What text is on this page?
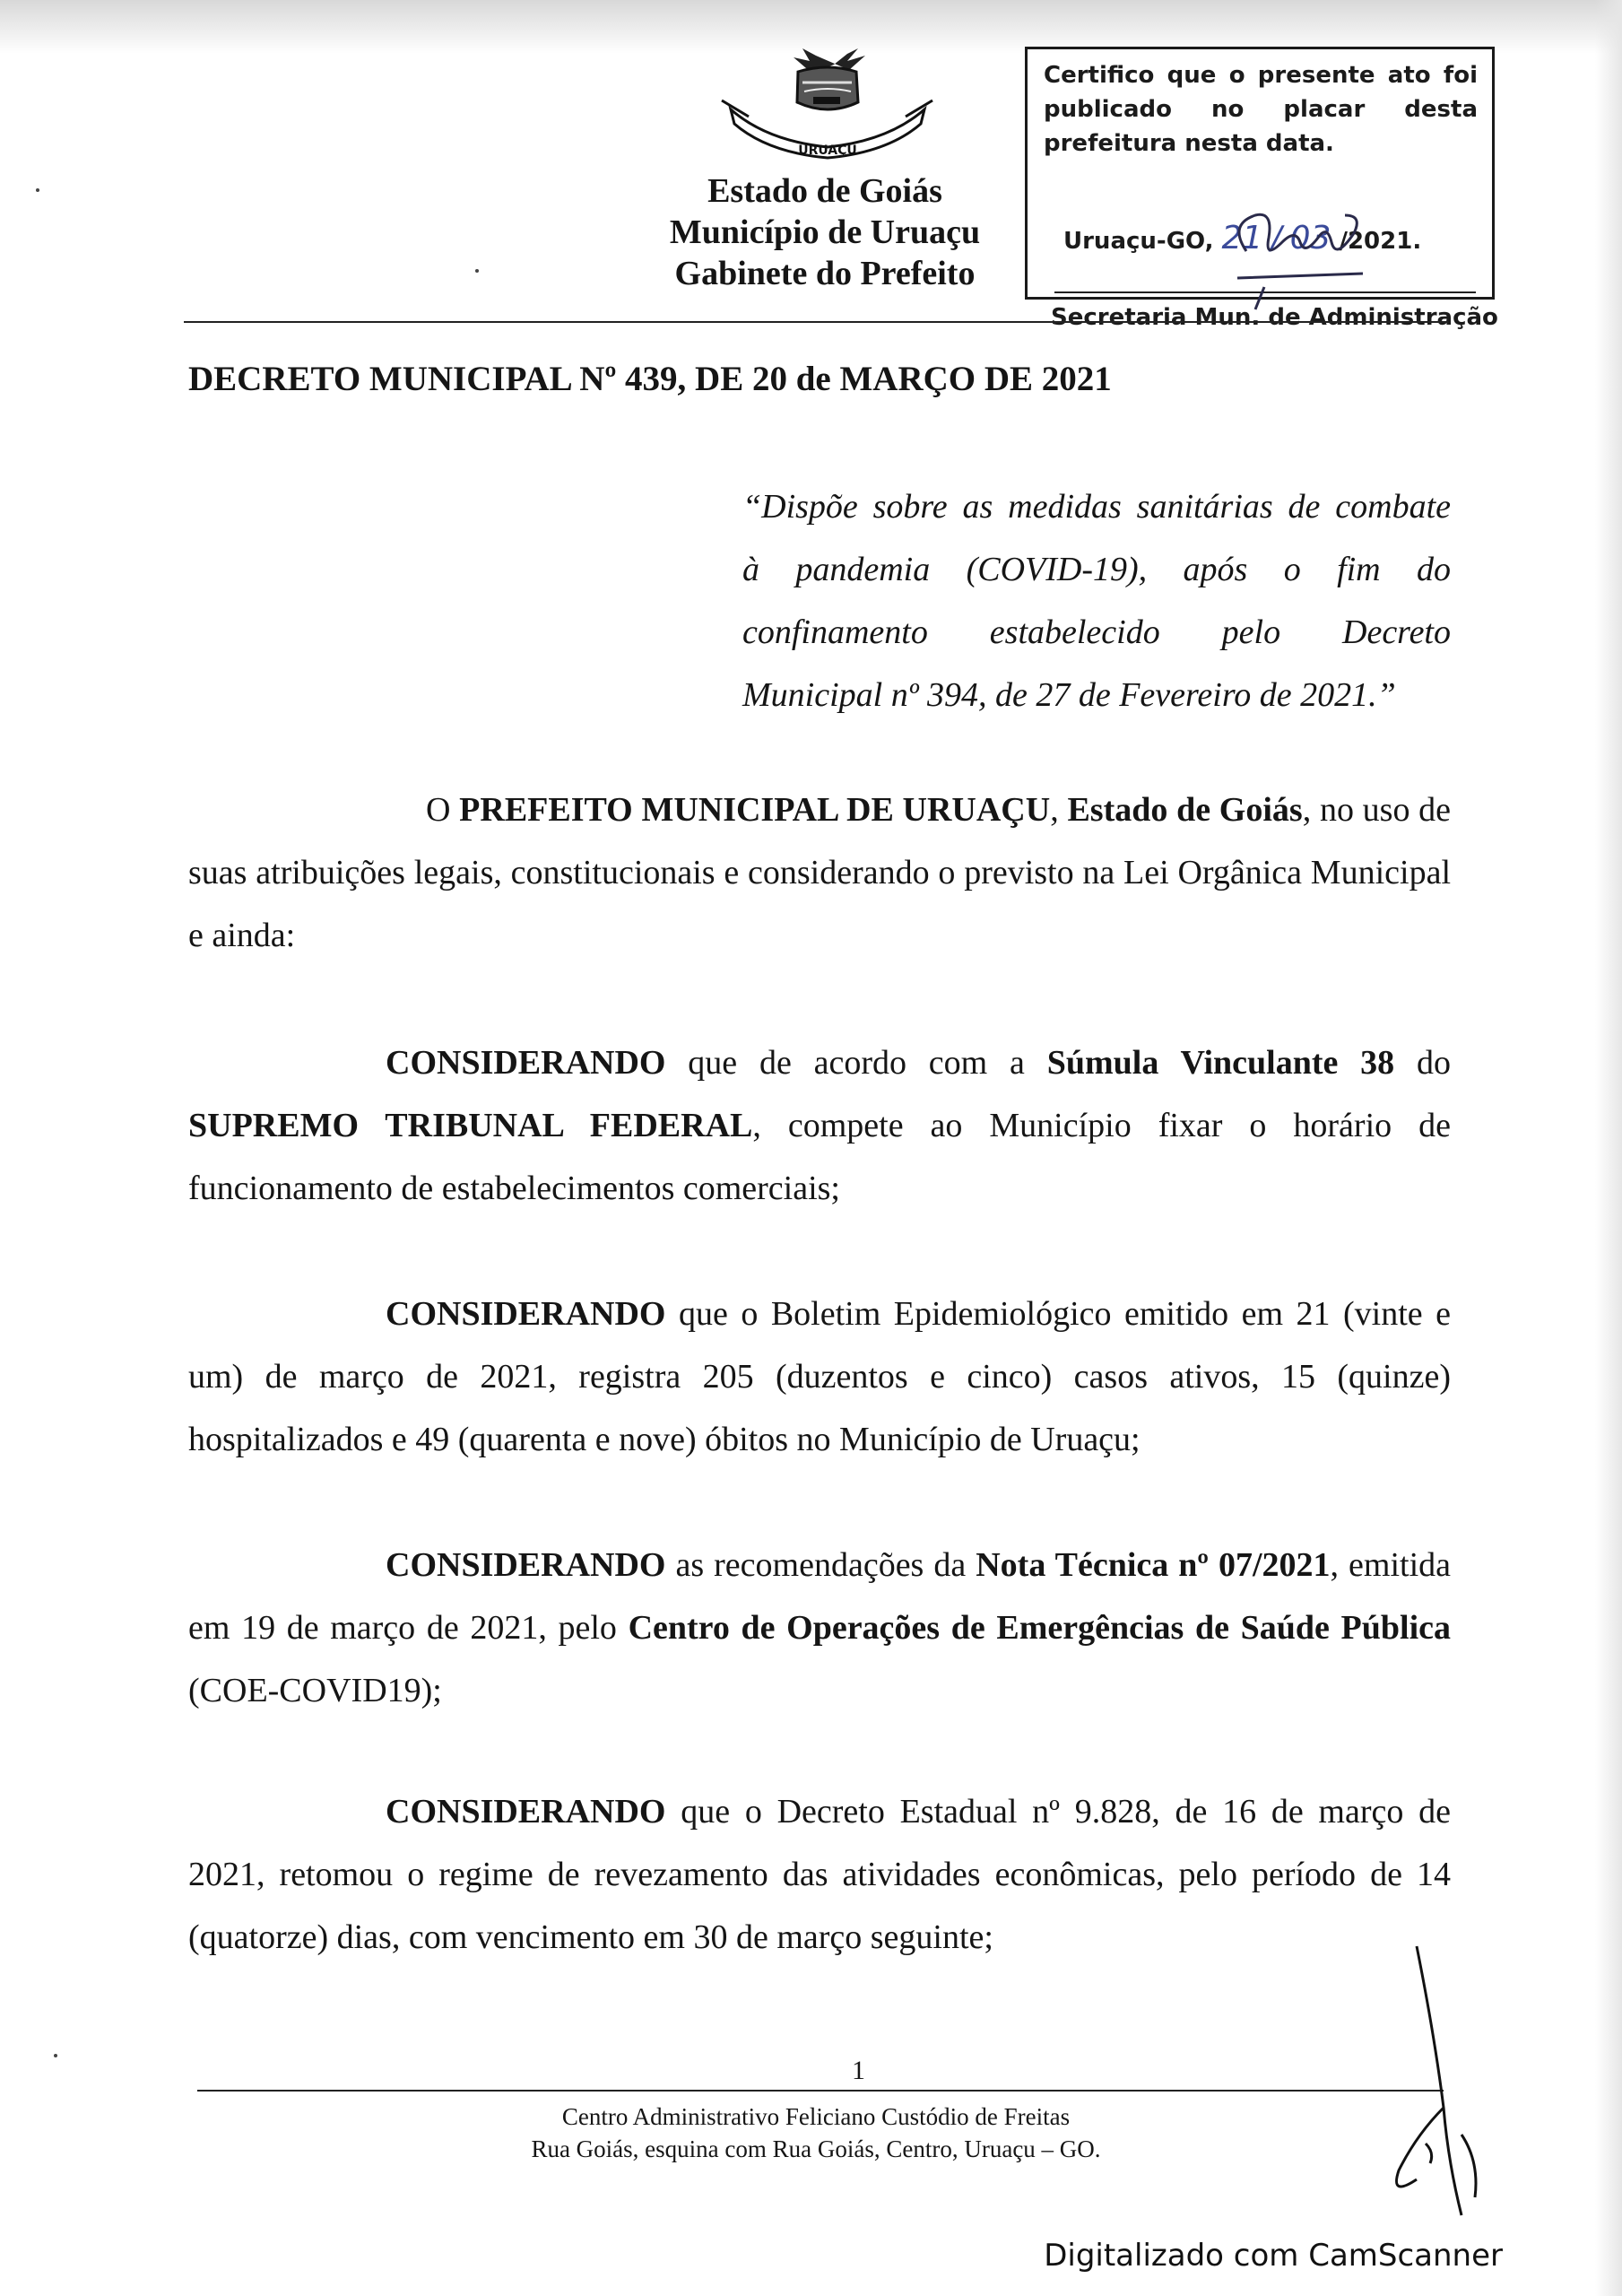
URUAÇU
Estado de Goiás
Município de Uruaçu
Gabinete do Prefeito
Certifico que o presente ato foi
publicado no placar desta
prefeitura nesta data.
Uruaçu-GO, 21 / 03 /2021.
Secretaria Mun. de Administração
DECRETO MUNICIPAL Nº 439, DE 20 de MARÇO DE 2021
“Dispõe sobre as medidas sanitárias de combate
à pandemia (COVID-19), após o fim do
confinamento estabelecido pelo Decreto
Municipal nº 394, de 27 de Fevereiro de 2021.”

O PREFEITO MUNICIPAL DE URUAÇU, Estado de Goiás, no uso de suas atribuições legais, constitucionais e considerando o previsto na Lei Orgânica Municipal e ainda:

CONSIDERANDO que de acordo com a Súmula Vinculante 38 do SUPREMO TRIBUNAL FEDERAL, compete ao Município fixar o horário de funcionamento de estabelecimentos comerciais;

CONSIDERANDO que o Boletim Epidemiológico emitido em 21 (vinte e um) de março de 2021, registra 205 (duzentos e cinco) casos ativos, 15 (quinze) hospitalizados e 49 (quarenta e nove) óbitos no Município de Uruaçu;

CONSIDERANDO as recomendações da Nota Técnica nº 07/2021, emitida em 19 de março de 2021, pelo Centro de Operações de Emergências de Saúde Pública (COE-COVID19);

CONSIDERANDO que o Decreto Estadual nº 9.828, de 16 de março de 2021, retomou o regime de revezamento das atividades econômicas, pelo período de 14 (quatorze) dias, com vencimento em 30 de março seguinte;

1
Centro Administrativo Feliciano Custódio de Freitas
Rua Goiás, esquina com Rua Goiás, Centro, Uruaçu – GO.
Digitalizado com CamScanner
